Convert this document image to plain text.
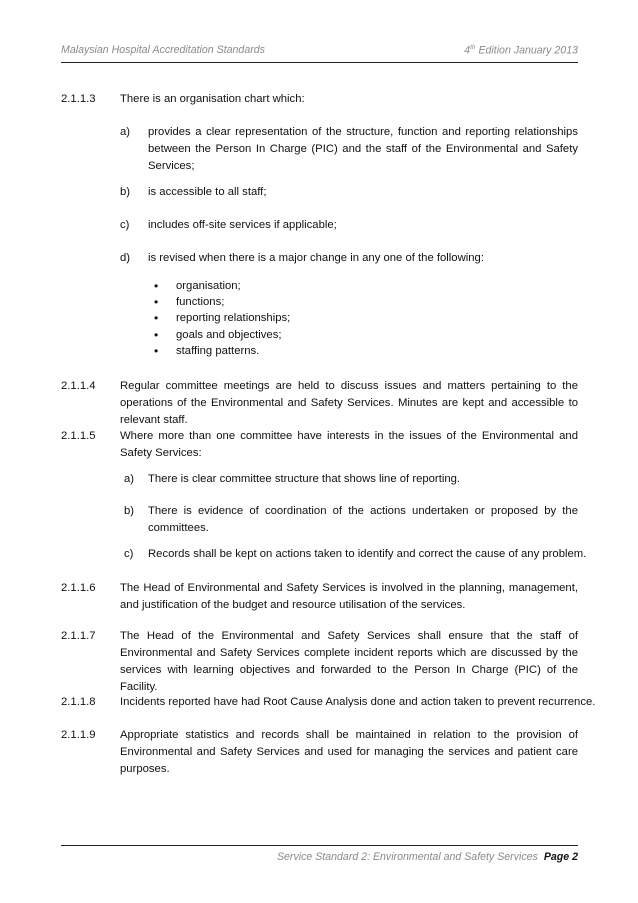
Malaysian Hospital Accreditation Standards	4th Edition January 2013
2.1.1.3 There is an organisation chart which:
a) provides a clear representation of the structure, function and reporting relationships between the Person In Charge (PIC) and the staff of the Environmental and Safety Services;
b) is accessible to all staff;
c) includes off-site services if applicable;
d) is revised when there is a major change in any one of the following:
• organisation;
• functions;
• reporting relationships;
• goals and objectives;
• staffing patterns.
2.1.1.4 Regular committee meetings are held to discuss issues and matters pertaining to the operations of the Environmental and Safety Services. Minutes are kept and accessible to relevant staff.
2.1.1.5 Where more than one committee have interests in the issues of the Environmental and Safety Services:
a) There is clear committee structure that shows line of reporting.
b) There is evidence of coordination of the actions undertaken or proposed by the committees.
c) Records shall be kept on actions taken to identify and correct the cause of any problem.
2.1.1.6 The Head of Environmental and Safety Services is involved in the planning, management, and justification of the budget and resource utilisation of the services.
2.1.1.7 The Head of the Environmental and Safety Services shall ensure that the staff of Environmental and Safety Services complete incident reports which are discussed by the services with learning objectives and forwarded to the Person In Charge (PIC) of the Facility.
2.1.1.8 Incidents reported have had Root Cause Analysis done and action taken to prevent recurrence.
2.1.1.9 Appropriate statistics and records shall be maintained in relation to the provision of Environmental and Safety Services and used for managing the services and patient care purposes.
Service Standard 2: Environmental and Safety Services Page 2
